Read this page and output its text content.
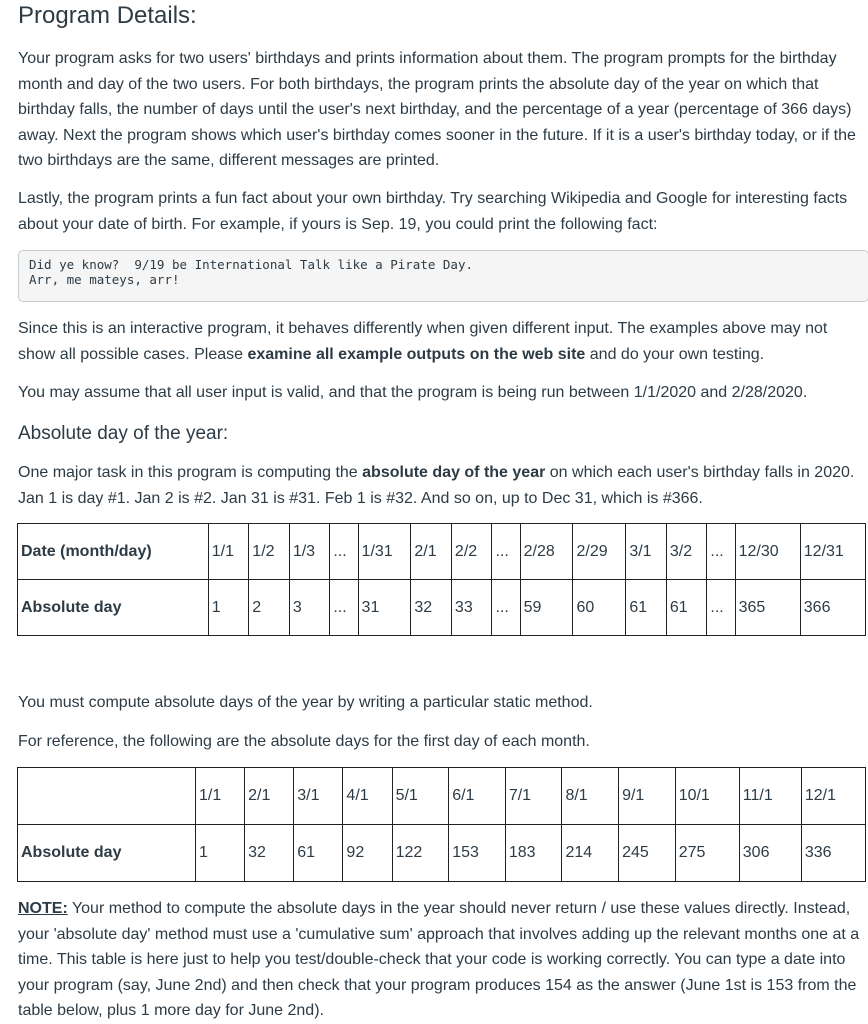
Program Details:

Your program asks for two users' birthdays and prints information about them. The program prompts for the birthday month and day of the two users. For both birthdays, the program prints the absolute day of the year on which that birthday falls, the number of days until the user's next birthday, and the percentage of a year (percentage of 366 days) away. Next the program shows which user's birthday comes sooner in the future. If it is a user's birthday today, or if the two birthdays are the same, different messages are printed.

Lastly, the program prints a fun fact about your own birthday. Try searching Wikipedia and Google for interesting facts about your date of birth. For example, if yours is Sep. 19, you could print the following fact:

Did ye know?  9/19 be International Talk like a Pirate Day.
Arr, me mateys, arr!

Since this is an interactive program, it behaves differently when given different input. The examples above may not show all possible cases. Please examine all example outputs on the web site and do your own testing.

You may assume that all user input is valid, and that the program is being run between 1/1/2020 and 2/28/2020.

Absolute day of the year:

One major task in this program is computing the absolute day of the year on which each user's birthday falls in 2020. Jan 1 is day #1. Jan 2 is #2. Jan 31 is #31. Feb 1 is #32. And so on, up to Dec 31, which is #366.

Date (month/day)	1/1	1/2	1/3	...	1/31	2/1	2/2	...	2/28	2/29	3/1	3/2	...	12/30	12/31
Absolute day	1	2	3	...	31	32	33	...	59	60	61	61	...	365	366

You must compute absolute days of the year by writing a particular static method.

For reference, the following are the absolute days for the first day of each month.

	1/1	2/1	3/1	4/1	5/1	6/1	7/1	8/1	9/1	10/1	11/1	12/1
Absolute day	1	32	61	92	122	153	183	214	245	275	306	336

NOTE: Your method to compute the absolute days in the year should never return / use these values directly. Instead, your 'absolute day' method must use a 'cumulative sum' approach that involves adding up the relevant months one at a time. This table is here just to help you test/double-check that your code is working correctly. You can type a date into your program (say, June 2nd) and then check that your program produces 154 as the answer (June 1st is 153 from the table below, plus 1 more day for June 2nd).
